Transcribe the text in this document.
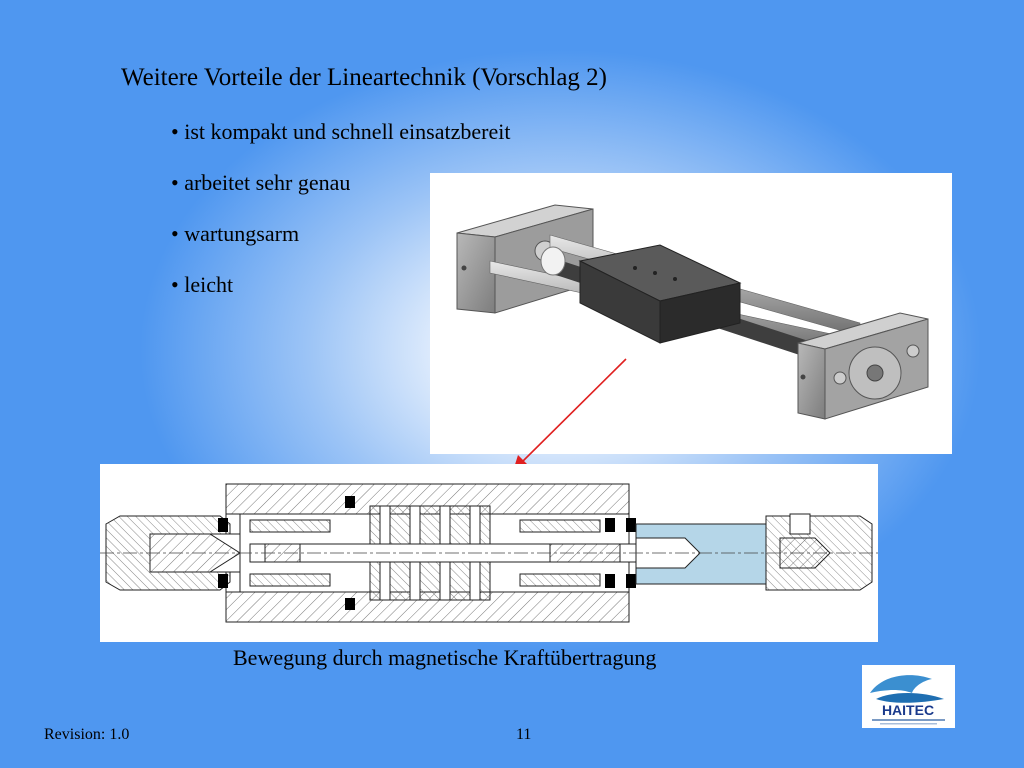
Weitere Vorteile der Lineartechnik (Vorschlag 2)
• ist kompakt und schnell einsatzbereit
• arbeitet sehr genau
• wartungsarm
• leicht
Bewegung durch magnetische Kraftübertragung
HAITEC
Revision: 1.0	11
